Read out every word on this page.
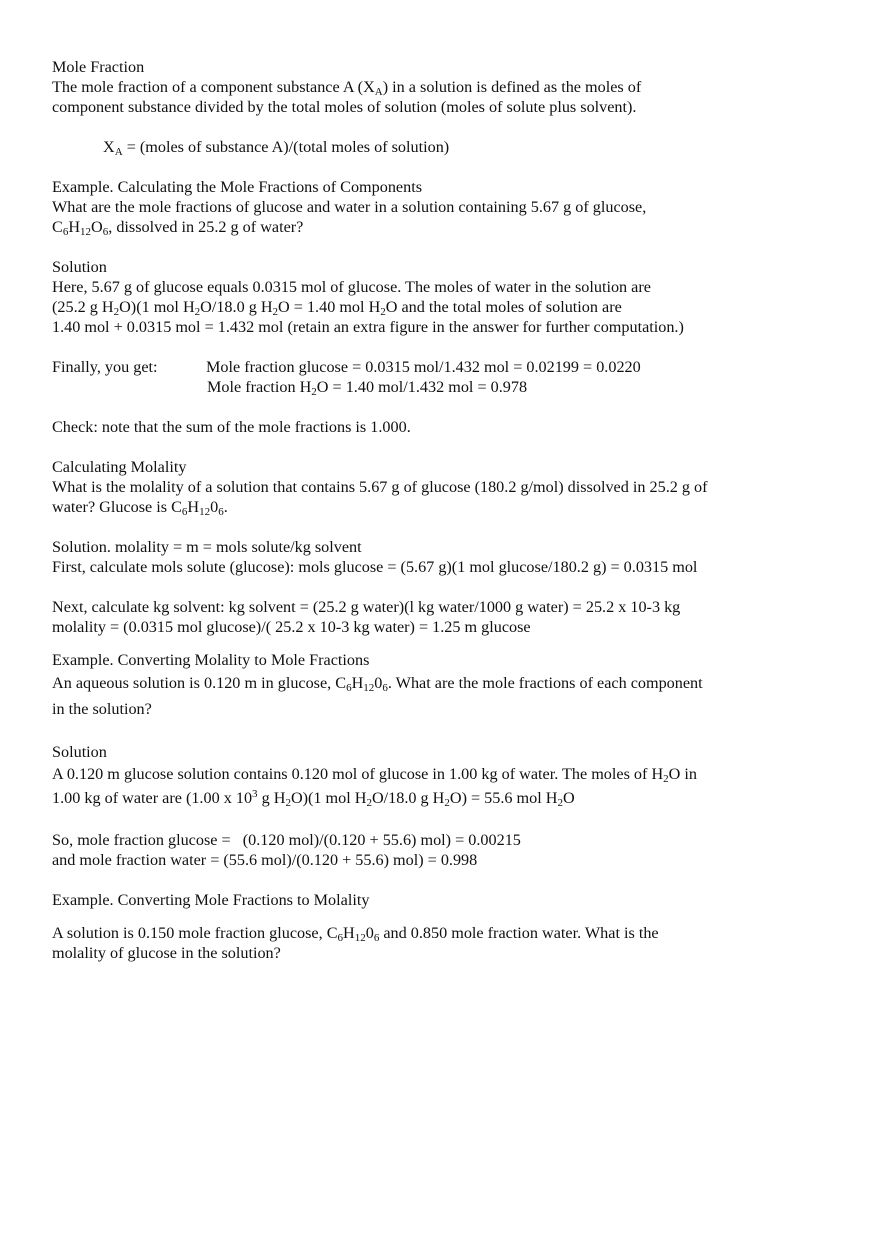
Mole Fraction

The mole fraction of a component substance A $(X_A)$ in a solution is defined as the moles of

component substance divided by the total moles of solution (moles of solute plus solvent).

$X_A$ = (moles of substance A)/(total moles of solution)

Example. Calculating the Mole Fractions of Components

What are the mole fractions of glucose and water in a solution containing 5.67 g of glucose,

$C_6H_{12}O_6$, dissolved in 25.2 g of water?

Solution

Here, 5.67 g of glucose equals 0.0315 mol of glucose. The moles of water in the solution are

(25.2 g $H_2O)(1$ mol $H_2O/18.0$ g $H_2O = 1.40$ mol $H_2O$ and the total moles of solution are

1.40 mol + 0.0315 mol = 1.432 mol (retain an extra figure in the answer for further computation.)

Finally, you get:	Mole fraction glucose = 0.0315 mol/1.432 mol = 0.02199 = 0.0220

Mole fraction $H_2O = 1.40$ mol/1.432 mol = 0.978

Check: note that the sum of the mole fractions is 1.000.

Calculating Molality

What is the molality of a solution that contains 5.67 g of glucose (180.2 g/mol) dissolved in 25.2 g of

water? Glucose is $C_6H_{12}0_6$.

Solution. molality = m = mols solute/kg solvent

First, calculate mols solute (glucose): mols glucose = (5.67 g)(1 mol glucose/180.2 g) = 0.0315 mol

Next, calculate kg solvent: kg solvent = (25.2 g water)(l kg water/1000 g water) = 25.2 x 10-3 kg

molality = (0.0315 mol glucose)/( 25.2 x 10-3 kg water) = 1.25 m glucose

Example. Converting Molality to Mole Fractions

An aqueous solution is 0.120 m in glucose, $C_6H_{12}0_6$. What are the mole fractions of each component

in the solution?

Solution

A 0.120 m glucose solution contains 0.120 mol of glucose in 1.00 kg of water. The moles of $H_2O$ in

1.00 kg of water are (1.00 x $10^3$ g $H_2O)(1$ mol $H_2O/18.0$ g $H_2O) = 55.6$ mol $H_2O$

So, mole fraction glucose =   (0.120 mol)/(0.120 + 55.6) mol) = 0.00215

and mole fraction water = (55.6 mol)/(0.120 + 55.6) mol) = 0.998

Example. Converting Mole Fractions to Molality

A solution is 0.150 mole fraction glucose, $C_6H_{12}0_6$ and 0.850 mole fraction water. What is the

molality of glucose in the solution?
